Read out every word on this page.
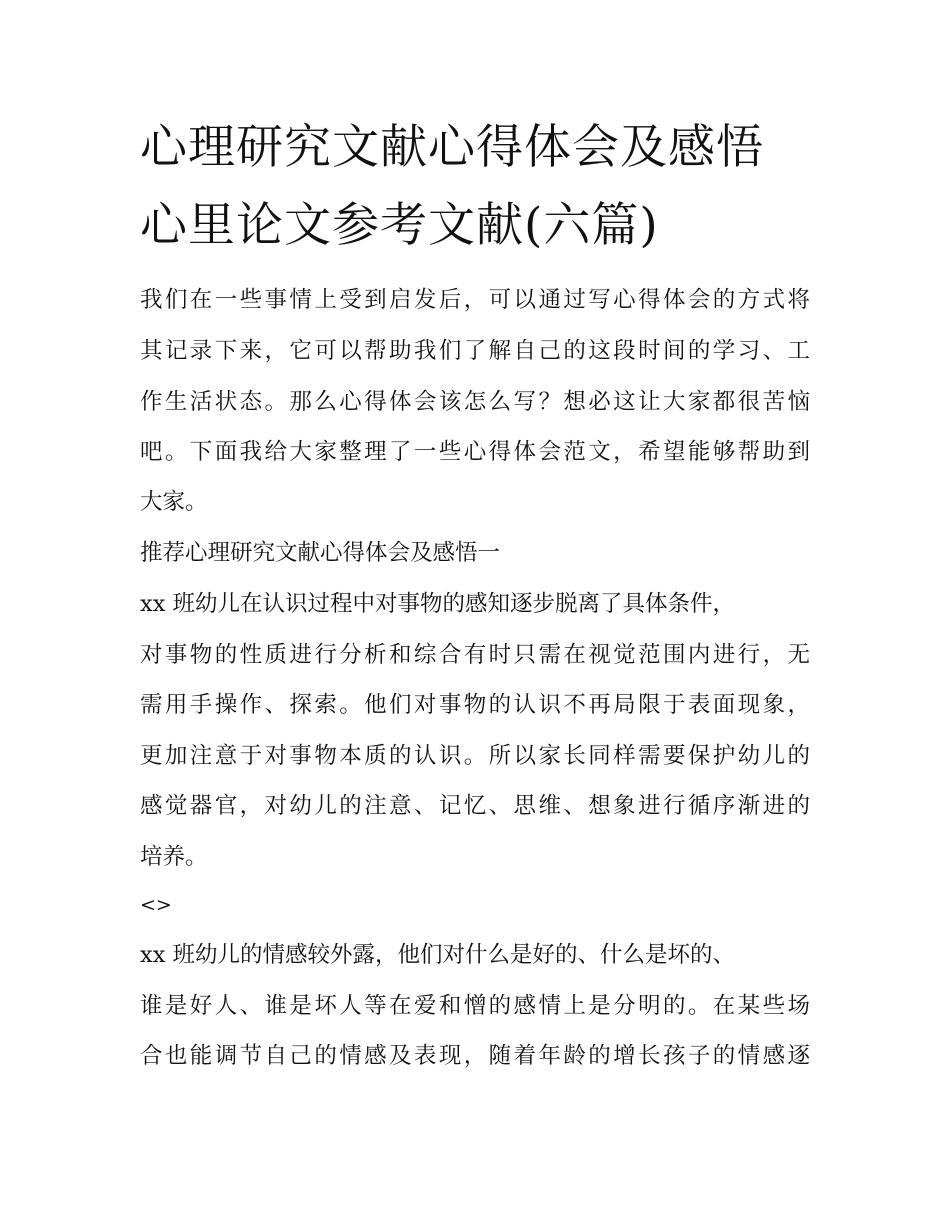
心理研究文献心得体会及感悟
心里论文参考文献(六篇)
我们在一些事情上受到启发后，可以通过写心得体会的方式将
其记录下来，它可以帮助我们了解自己的这段时间的学习、工
作生活状态。那么心得体会该怎么写？想必这让大家都很苦恼
吧。下面我给大家整理了一些心得体会范文，希望能够帮助到
大家。
推荐心理研究文献心得体会及感悟一
xx 班幼儿在认识过程中对事物的感知逐步脱离了具体条件，
对事物的性质进行分析和综合有时只需在视觉范围内进行，无
需用手操作、探索。他们对事物的认识不再局限于表面现象，
更加注意于对事物本质的认识。所以家长同样需要保护幼儿的
感觉器官，对幼儿的注意、记忆、思维、想象进行循序渐进的
培养。
<>
xx 班幼儿的情感较外露，他们对什么是好的、什么是坏的、
谁是好人、谁是坏人等在爱和憎的感情上是分明的。在某些场
合也能调节自己的情感及表现，随着年龄的增长孩子的情感逐
